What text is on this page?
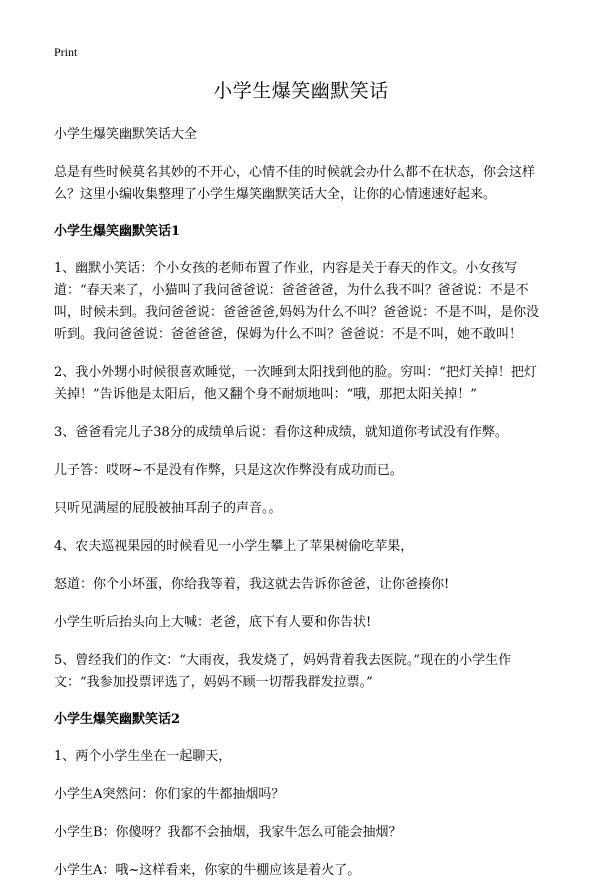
Print
小学生爆笑幽默笑话

小学生爆笑幽默笑话大全

总是有些时候莫名其妙的不开心，心情不佳的时候就会办什么都不在状态，你会这样么？这里小编收集整理了小学生爆笑幽默笑话大全，让你的心情速速好起来。

小学生爆笑幽默笑话1

1、幽默小笑话：个小女孩的老师布置了作业，内容是关于春天的作文。小女孩写道：“春天来了，小猫叫了我问爸爸说：爸爸爸爸，为什么我不叫？爸爸说：不是不叫，时候未到。我问爸爸说：爸爸爸爸,妈妈为什么不叫？爸爸说：不是不叫，是你没听到。我问爸爸说：爸爸爸爸，保姆为什么不叫？爸爸说：不是不叫，她不敢叫！

2、我小外甥小时候很喜欢睡觉，一次睡到太阳找到他的脸。穷叫：“把灯关掉！把灯关掉！”告诉他是太阳后，他又翻个身不耐烦地叫：“哦，那把太阳关掉！”

3、爸爸看完儿子38分的成绩单后说：看你这种成绩，就知道你考试没有作弊。

儿子答：哎呀~不是没有作弊，只是这次作弊没有成功而已。

只听见满屋的屁股被抽耳刮子的声音。。

4、农夫巡视果园的时候看见一小学生攀上了苹果树偷吃苹果，

怒道：你个小坏蛋，你给我等着，我这就去告诉你爸爸，让你爸揍你!

小学生听后抬头向上大喊：老爸，底下有人要和你告状!

5、曾经我们的作文：“大雨夜，我发烧了，妈妈背着我去医院。”现在的小学生作文：“我参加投票评选了，妈妈不顾一切帮我群发拉票。”

小学生爆笑幽默笑话2

1、两个小学生坐在一起聊天，

小学生A突然问：你们家的牛都抽烟吗？

小学生B：你傻呀？我都不会抽烟，我家牛怎么可能会抽烟？

小学生A：哦~这样看来，你家的牛棚应该是着火了。
